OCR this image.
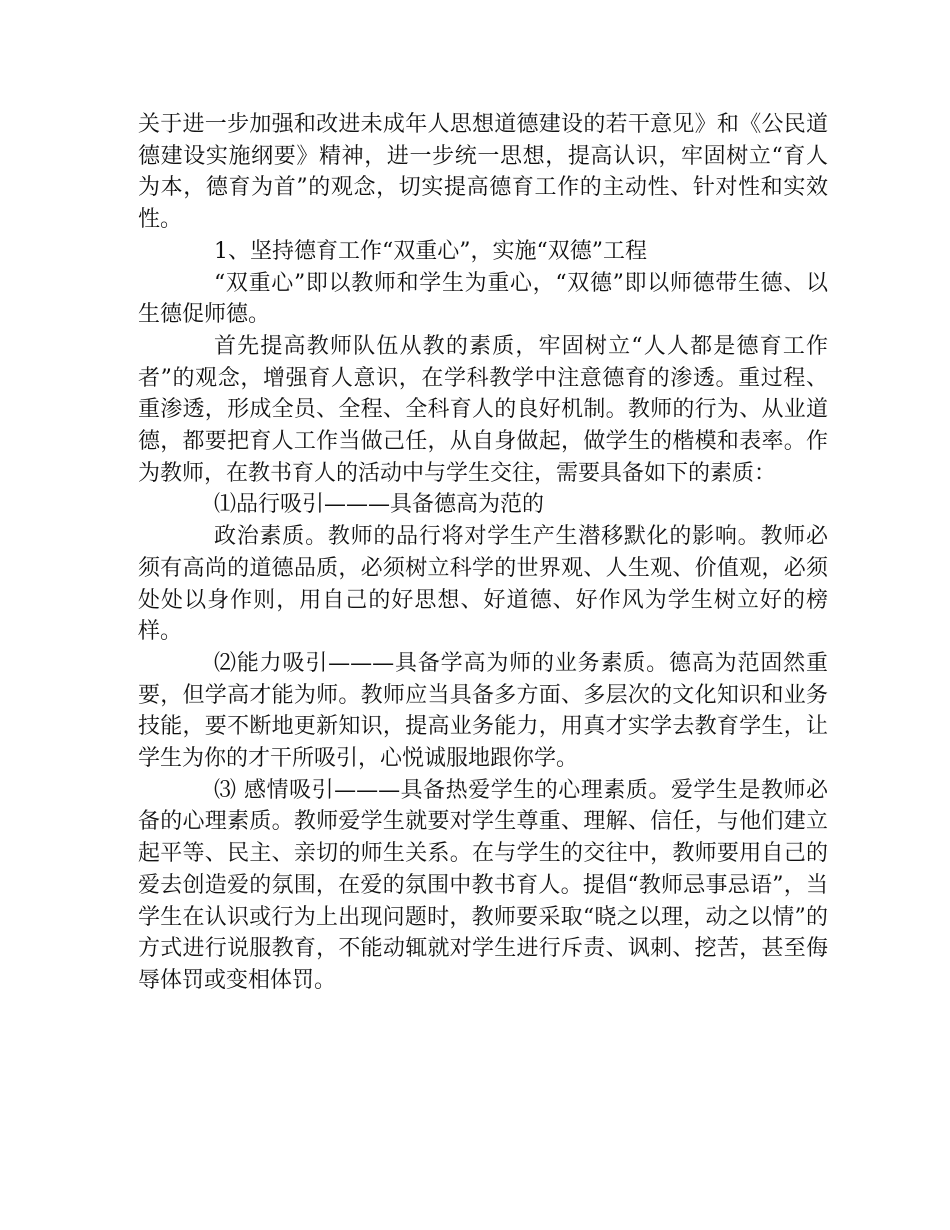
关于进一步加强和改进未成年人思想道德建设的若干意见》和《公民道德建设实施纲要》精神，进一步统一思想，提高认识，牢固树立“育人为本，德育为首”的观念，切实提高德育工作的主动性、针对性和实效性。

1、坚持德育工作“双重心”，实施“双德”工程

“双重心”即以教师和学生为重心，“双德”即以师德带生德、以生德促师德。

首先提高教师队伍从教的素质，牢固树立“人人都是德育工作者”的观念，增强育人意识，在学科教学中注意德育的渗透。重过程、重渗透，形成全员、全程、全科育人的良好机制。教师的行为、从业道德，都要把育人工作当做己任，从自身做起，做学生的楷模和表率。作为教师，在教书育人的活动中与学生交往，需要具备如下的素质：

⑴品行吸引———具备德高为范的

政治素质。教师的品行将对学生产生潜移默化的影响。教师必须有高尚的道德品质，必须树立科学的世界观、人生观、价值观，必须处处以身作则，用自己的好思想、好道德、好作风为学生树立好的榜样。

⑵能力吸引———具备学高为师的业务素质。德高为范固然重要，但学高才能为师。教师应当具备多方面、多层次的文化知识和业务技能，要不断地更新知识，提高业务能力，用真才实学去教育学生，让学生为你的才干所吸引，心悦诚服地跟你学。

⑶ 感情吸引———具备热爱学生的心理素质。爱学生是教师必备的心理素质。教师爱学生就要对学生尊重、理解、信任，与他们建立起平等、民主、亲切的师生关系。在与学生的交往中，教师要用自己的爱去创造爱的氛围，在爱的氛围中教书育人。提倡“教师忌事忌语”，当学生在认识或行为上出现问题时，教师要采取“晓之以理，动之以情”的方式进行说服教育，不能动辄就对学生进行斥责、讽刺、挖苦，甚至侮辱体罚或变相体罚。
